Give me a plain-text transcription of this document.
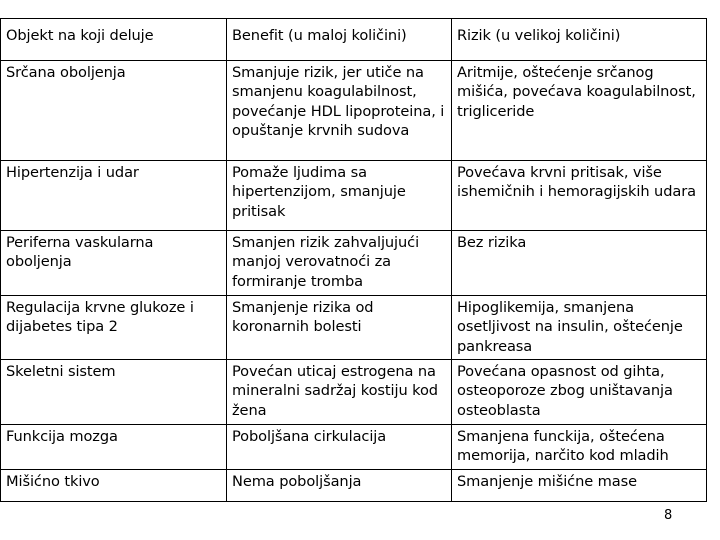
Objekt na koji deluje	Benefit (u maloj količini)	Rizik (u velikoj količini)
Srčana oboljenja	Smanjuje rizik, jer utiče na smanjenu koagulabilnost, povećanje HDL lipoproteina, i opuštanje krvnih sudova	Aritmije, oštećenje srčanog mišića, povećava koagulabilnost, trigliceride
Hipertenzija i udar	Pomaže ljudima sa hipertenzijom, smanjuje pritisak	Povećava krvni pritisak, više ishemičnih i hemoragijskih udara
Periferna vaskularna oboljenja	Smanjen rizik zahvaljujući manjoj verovatnoći za formiranje tromba	Bez rizika
Regulacija krvne glukoze i dijabetes tipa 2	Smanjenje rizika od koronarnih bolesti	Hipoglikemija, smanjena osetljivost na insulin, oštećenje pankreasa
Skeletni sistem	Povećan uticaj estrogena na mineralni sadržaj kostiju kod žena	Povećana opasnost od gihta, osteoporoze zbog uništavanja osteoblasta
Funkcija mozga	Poboljšana cirkulacija	Smanjena funckija, oštećena memorija, narčito kod mladih
Mišićno tkivo	Nema poboljšanja	Smanjenje mišićne mase
8
